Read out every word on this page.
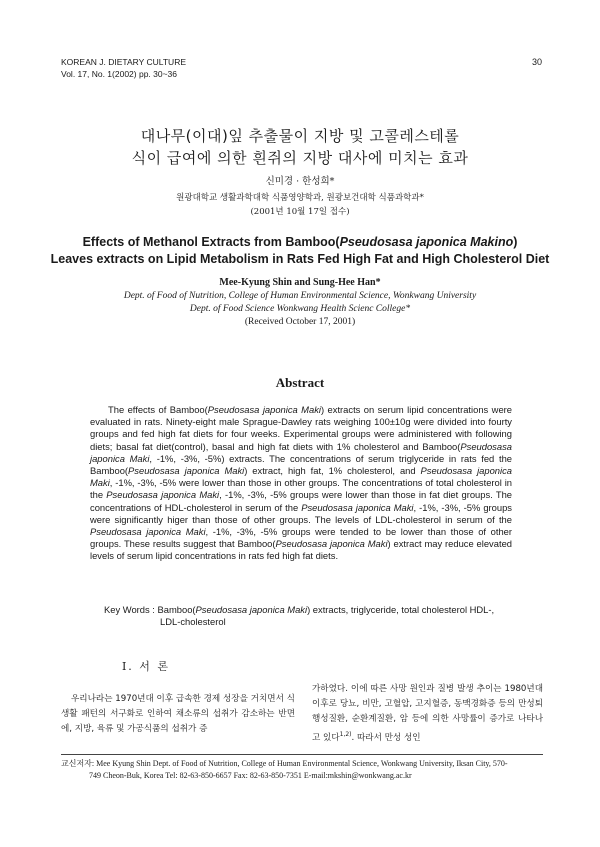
KOREAN J. DIETARY CULTURE
Vol. 17, No. 1(2002) pp. 30~36
30
대나무(이대)잎 추출물이 지방 및 고콜레스테롤
식이 급여에 의한 흰쥐의 지방 대사에 미치는 효과
신미경 · 한성희*
원광대학교 생활과학대학 식품영양학과, 원광보건대학 식품과학과*
(2001년 10월 17일 접수)
Effects of Methanol Extracts from Bamboo(Pseudosasa japonica Makino)
Leaves extracts on Lipid Metabolism in Rats Fed High Fat and High Cholesterol Diet
Mee-Kyung Shin and Sung-Hee Han*
Dept. of Food of Nutrition, College of Human Environmental Science, Wonkwang University
Dept. of Food Science Wonkwang Health Scienc College*
(Received October 17, 2001)
Abstract

The effects of Bamboo(Pseudosasa japonica Maki) extracts on serum lipid concentrations were evaluated in rats. Ninety-eight male Sprague-Dawley rats weighing 100±10g were divided into fourty groups and fed high fat diets for four weeks. Experimental groups were administered with following diets; basal fat diet(control), basal and high fat diets with 1% cholesterol and Bamboo(Pseudosasa japonica Maki, -1%, -3%, -5%) extracts. The concentrations of serum triglyceride in rats fed the Bamboo(Pseudosasa japonica Maki) extract, high fat, 1% cholesterol, and Pseudosasa japonica Maki, -1%, -3%, -5% were lower than those in other groups. The concentrations of total cholesterol in the Pseudosasa japonica Maki, -1%, -3%, -5% groups were lower than those in fat diet groups. The concentrations of HDL-cholesterol in serum of the Pseudosasa japonica Maki, -1%, -3%, -5% groups were significantly higer than those of other groups. The levels of LDL-cholesterol in serum of the Pseudosasa japonica Maki, -1%, -3%, -5% groups were tended to be lower than those of other groups. These results suggest that Bamboo(Pseudosasa japonica Maki) extract may reduce elevated levels of serum lipid concentrations in rats fed high fat diets.

Key Words : Bamboo(Pseudosasa japonica Maki) extracts, triglyceride, total cholesterol HDL-,
LDL-cholesterol
I. 서 론

우리나라는 1970년대 이후 급속한 경제 성장을 거치면서 식생활 패턴의 서구화로 인하여 채소류의 섭취가 감소하는 반면에, 지방, 육류 및 가공식품의 섭취가 증

가하였다. 이에 따른 사망 원인과 질병 발생 추이는 1980년대 이후로 당뇨, 비만, 고혈압, 고지혈증, 동맥경화증 등의 만성퇴행성질환, 순환계질환, 암 등에 의한 사망률이 증가로 나타나고 있다$^{1,2)}$. 따라서 만성 성인

교신저자: Mee Kyung Shin Dept. of Food of Nutrition, College of Human Environmental Science, Wonkwang University, Iksan City, 570-
749 Cheon-Buk, Korea Tel: 82-63-850-6657 Fax: 82-63-850-7351 E-mail:mkshin@wonkwang.ac.kr
